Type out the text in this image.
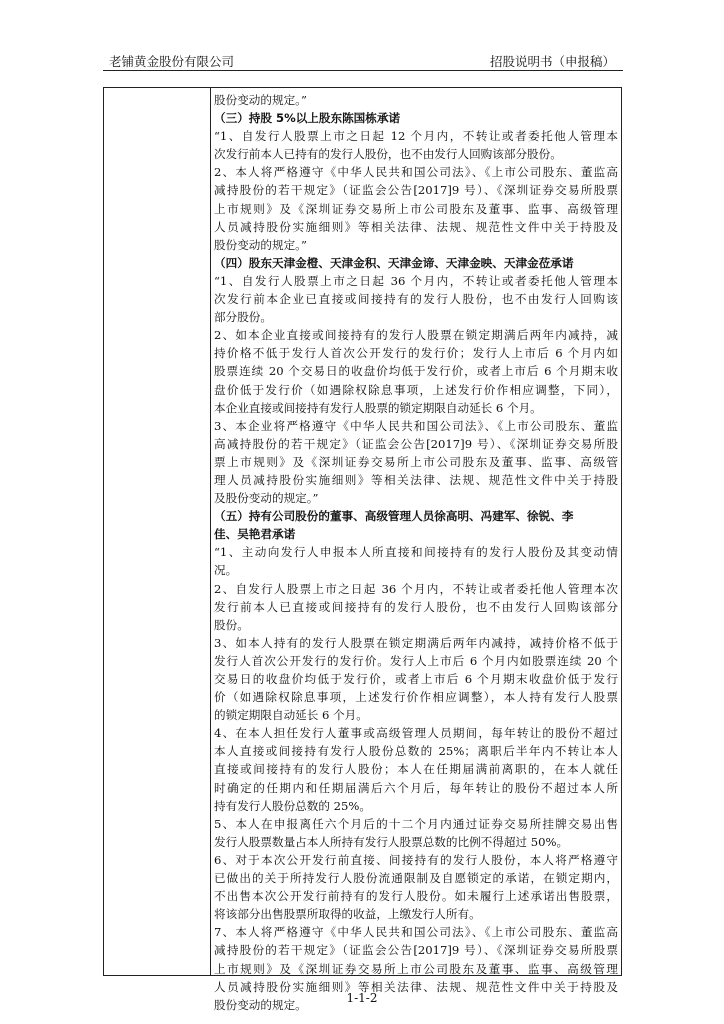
老铺黄金股份有限公司	招股说明书（申报稿）
股份变动的规定。”
（三）持股 5%以上股东陈国栋承诺
“1、自发行人股票上市之日起 12 个月内，不转让或者委托他人管理本
次发行前本人已持有的发行人股份，也不由发行人回购该部分股份。
2、本人将严格遵守《中华人民共和国公司法》、《上市公司股东、董监高
减持股份的若干规定》（证监会公告[2017]9 号）、《深圳证券交易所股票
上市规则》及《深圳证券交易所上市公司股东及董事、监事、高级管理
人员减持股份实施细则》等相关法律、法规、规范性文件中关于持股及
股份变动的规定。”
（四）股东天津金橙、天津金积、天津金谛、天津金映、天津金莅承诺
“1、自发行人股票上市之日起 36 个月内，不转让或者委托他人管理本
次发行前本企业已直接或间接持有的发行人股份，也不由发行人回购该
部分股份。
2、如本企业直接或间接持有的发行人股票在锁定期满后两年内减持，减
持价格不低于发行人首次公开发行的发行价；发行人上市后 6 个月内如
股票连续 20 个交易日的收盘价均低于发行价，或者上市后 6 个月期末收
盘价低于发行价（如遇除权除息事项，上述发行价作相应调整，下同），
本企业直接或间接持有发行人股票的锁定期限自动延长 6 个月。
3、本企业将严格遵守《中华人民共和国公司法》、《上市公司股东、董监
高减持股份的若干规定》（证监会公告[2017]9 号）、《深圳证券交易所股
票上市规则》及《深圳证券交易所上市公司股东及董事、监事、高级管
理人员减持股份实施细则》等相关法律、法规、规范性文件中关于持股
及股份变动的规定。”
（五）持有公司股份的董事、高级管理人员徐高明、冯建军、徐锐、李
佳、吴艳君承诺
“1、主动向发行人申报本人所直接和间接持有的发行人股份及其变动情
况。
2、自发行人股票上市之日起 36 个月内，不转让或者委托他人管理本次
发行前本人已直接或间接持有的发行人股份，也不由发行人回购该部分
股份。
3、如本人持有的发行人股票在锁定期满后两年内减持，减持价格不低于
发行人首次公开发行的发行价。发行人上市后 6 个月内如股票连续 20 个
交易日的收盘价均低于发行价，或者上市后 6 个月期末收盘价低于发行
价（如遇除权除息事项，上述发行价作相应调整），本人持有发行人股票
的锁定期限自动延长 6 个月。
4、在本人担任发行人董事或高级管理人员期间，每年转让的股份不超过
本人直接或间接持有发行人股份总数的 25%；离职后半年内不转让本人
直接或间接持有的发行人股份；本人在任期届满前离职的，在本人就任
时确定的任期内和任期届满后六个月后，每年转让的股份不超过本人所
持有发行人股份总数的 25%。
5、本人在申报离任六个月后的十二个月内通过证券交易所挂牌交易出售
发行人股票数量占本人所持有发行人股票总数的比例不得超过 50%。
6、对于本次公开发行前直接、间接持有的发行人股份，本人将严格遵守
已做出的关于所持发行人股份流通限制及自愿锁定的承诺，在锁定期内，
不出售本次公开发行前持有的发行人股份。如未履行上述承诺出售股票，
将该部分出售股票所取得的收益，上缴发行人所有。
7、本人将严格遵守《中华人民共和国公司法》、《上市公司股东、董监高
减持股份的若干规定》（证监会公告[2017]9 号）、《深圳证券交易所股票
上市规则》及《深圳证券交易所上市公司股东及董事、监事、高级管理
人员减持股份实施细则》等相关法律、法规、规范性文件中关于持股及
股份变动的规定。	1-1-2
